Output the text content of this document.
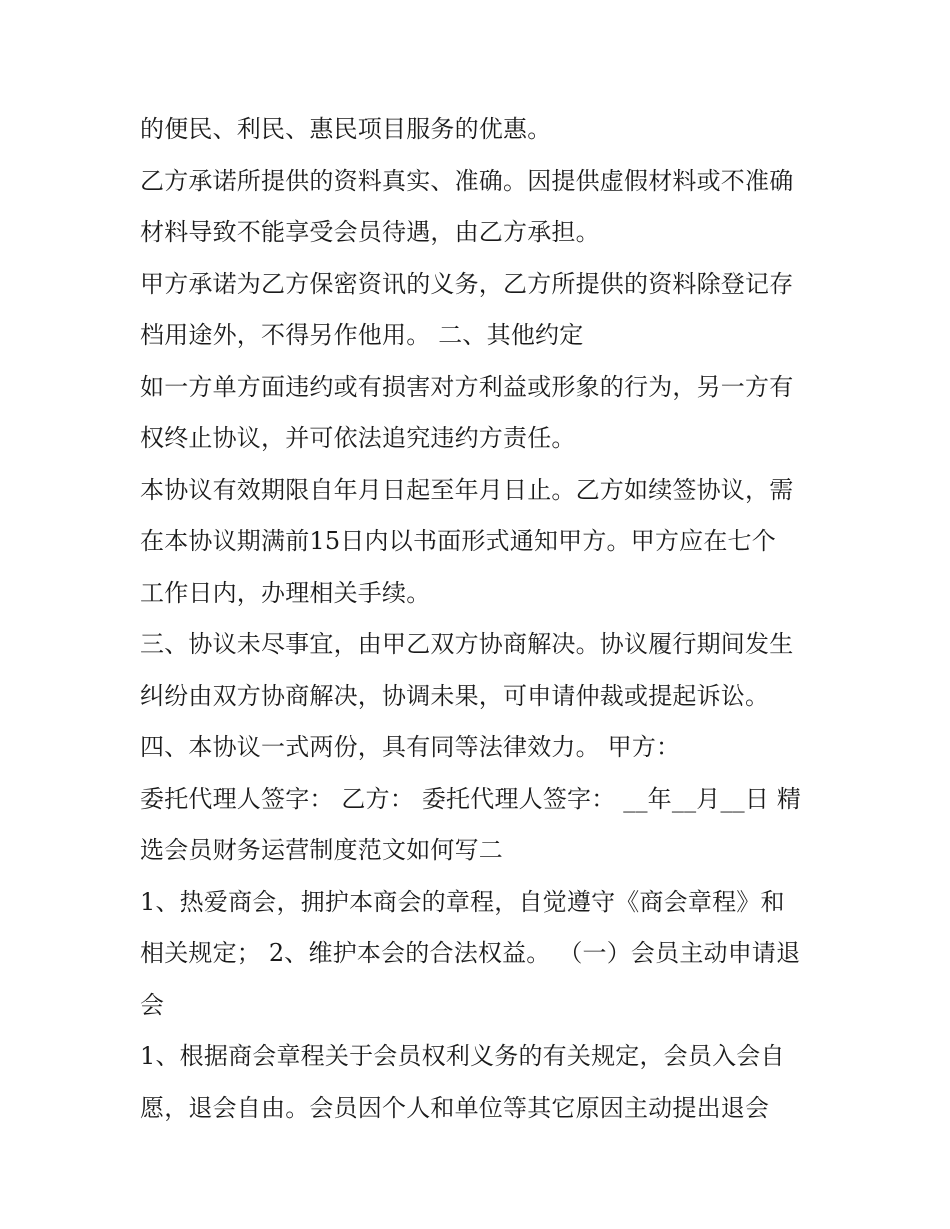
的便民、利民、惠民项目服务的优惠。
乙方承诺所提供的资料真实、准确。因提供虚假材料或不准确
材料导致不能享受会员待遇，由乙方承担。
甲方承诺为乙方保密资讯的义务，乙方所提供的资料除登记存
档用途外，不得另作他用。 二、其他约定
如一方单方面违约或有损害对方利益或形象的行为，另一方有
权终止协议，并可依法追究违约方责任。
本协议有效期限自年月日起至年月日止。乙方如续签协议，需
在本协议期满前15日内以书面形式通知甲方。甲方应在七个
工作日内，办理相关手续。
三、协议未尽事宜，由甲乙双方协商解决。协议履行期间发生
纠纷由双方协商解决，协调未果，可申请仲裁或提起诉讼。
四、本协议一式两份，具有同等法律效力。 甲方：
委托代理人签字： 乙方： 委托代理人签字： __年__月__日 精
选会员财务运营制度范文如何写二
1、热爱商会，拥护本商会的章程，自觉遵守《商会章程》和
相关规定； 2、维护本会的合法权益。 （一）会员主动申请退
会
1、根据商会章程关于会员权利义务的有关规定，会员入会自
愿，退会自由。会员因个人和单位等其它原因主动提出退会
